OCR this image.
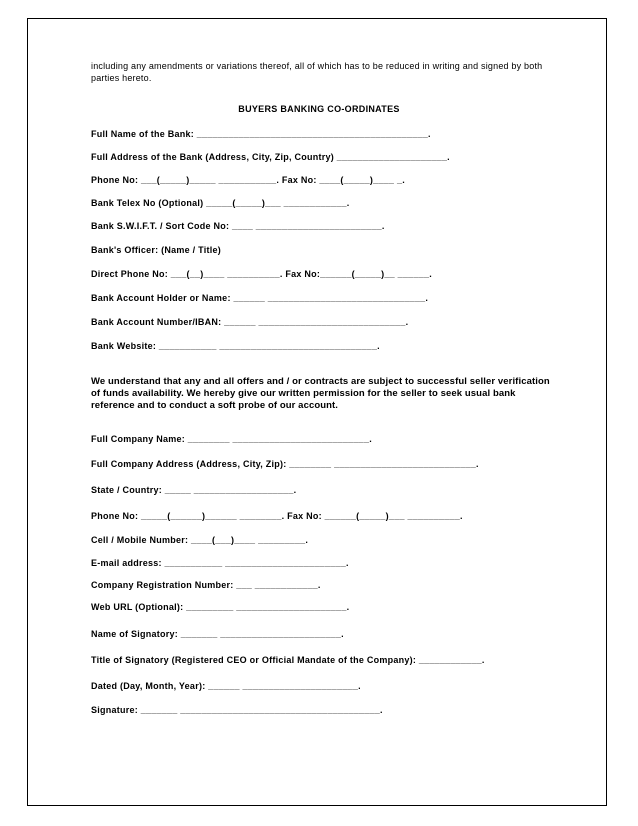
including any amendments or variations thereof, all of which has to be reduced in writing and signed by both parties hereto.
BUYERS BANKING CO-ORDINATES
Full Name of the Bank: ____________________________________________.
Full Address of the Bank (Address, City, Zip, Country) _____________________.
Phone No: ___(_____)_____ ___________. Fax No: ____(_____)____ _.
Bank Telex No (Optional) _____(_____)___ ____________.
Bank S.W.I.F.T. / Sort Code No: ____ ________________________.
Bank's Officer: (Name / Title)
Direct Phone No: ___(__)____ __________. Fax No:______(_____)__ ______.
Bank Account Holder or Name: ______ ______________________________.
Bank Account Number/IBAN: ______ ____________________________.
Bank Website: ___________ ______________________________.
We understand that any and all offers and / or contracts are subject to successful seller verification of funds availability. We hereby give our written permission for the seller to seek usual bank reference and to conduct a soft probe of our account.
Full Company Name: ________ __________________________.
Full Company Address (Address, City, Zip): ________ ___________________________.
State / Country: _____ ___________________.
Phone No: _____(______)______ ________. Fax No: ______(_____)___ __________.
Cell / Mobile Number: ____(___)____ _________.
E-mail address: ___________ _______________________.
Company Registration Number: ___ ____________.
Web URL (Optional): _________ _____________________.
Name of Signatory: _______ _______________________.
Title of Signatory (Registered CEO or Official Mandate of the Company): ____________.
Dated (Day, Month, Year): ______ ______________________.
Signature: _______ ______________________________________.
